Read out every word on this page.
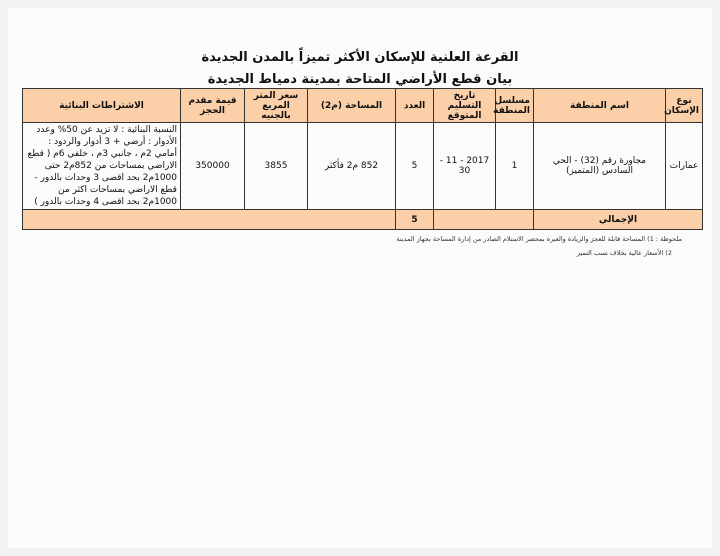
القرعة العلنية للإسكان الأكثر تميزاً بالمدن الجديدة
بيان قطع الأراضي المتاحة بمدينة دمياط الجديدة
نوع الإسكان	اسم المنطقة	مسلسل المنطقة	تاريخ التسليم المتوقع	العدد	المساحة (م2)	سعر المتر المربع بالجنيه	قيمة مقدم الحجز	الاشتراطات البنائية
عمارات	مجاورة رقم (32) - الحي السادس (المتميز)	1	2017 - 11 - 30	5	852 م2 فأكثر	3855	350000	النسبة البنائية : لا تزيد عن 50% وعدد الأدوار : أرضي + 3 أدوار والردود : أمامي 2م ، جانبي 3م ، خلفي 6م ( قطع الاراضي بمساحات من 852م2 حتى 1000م2 بحد اقصى 3 وحدات بالدور - قطع الاراضي بمساحات اكثر من 1000م2 بحد اقصى 4 وحدات بالدور )
الإجمالي				5				
ملحوظة : 1) المساحة قابلة للعجز والزيادة والعبرة بمحضر الاستلام الصادر من إدارة المساحة بجهاز المدينة
2) الأسعار عالية بخلاف نسب التميز
